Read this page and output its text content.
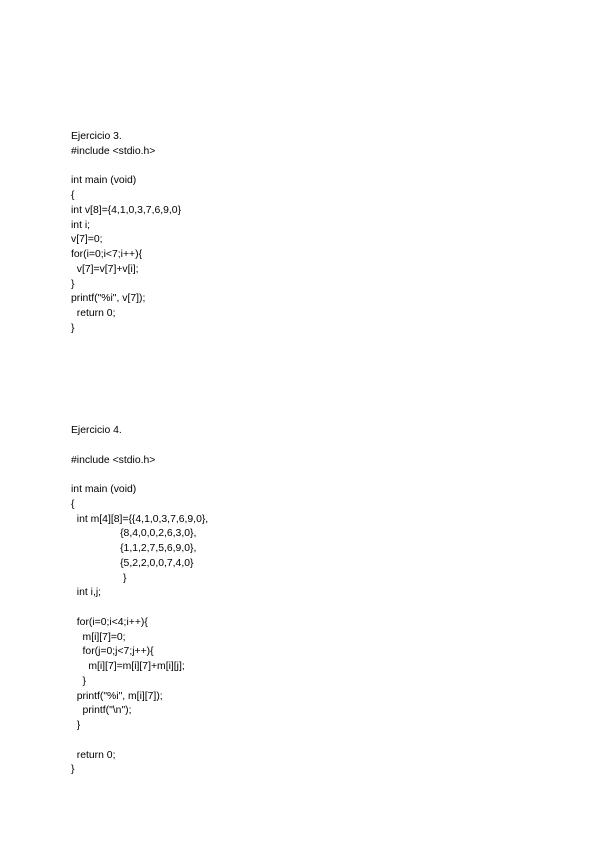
Ejercicio 3.
#include <stdio.h>
int main (void)
{
int v[8]={4,1,0,3,7,6,9,0}
int i;
v[7]=0;
for(i=0;i<7;i++){
v[7]=v[7]+v[i];
}
printf("%i", v[7]);
return 0;
}
Ejercicio 4.
#include <stdio.h>
int main (void)
{
int m[4][8]={{4,1,0,3,7,6,9,0},
{8,4,0,0,2,6,3,0},
{1,1,2,7,5,6,9,0},
{5,2,2,0,0,7,4,0}
}
int i,j;
for(i=0;i<4;i++){
m[i][7]=0;
for(j=0;j<7;j++){
m[i][7]=m[i][7]+m[i][j];
}
printf("%i", m[i][7]);
printf("\n");
}
return 0;
}
